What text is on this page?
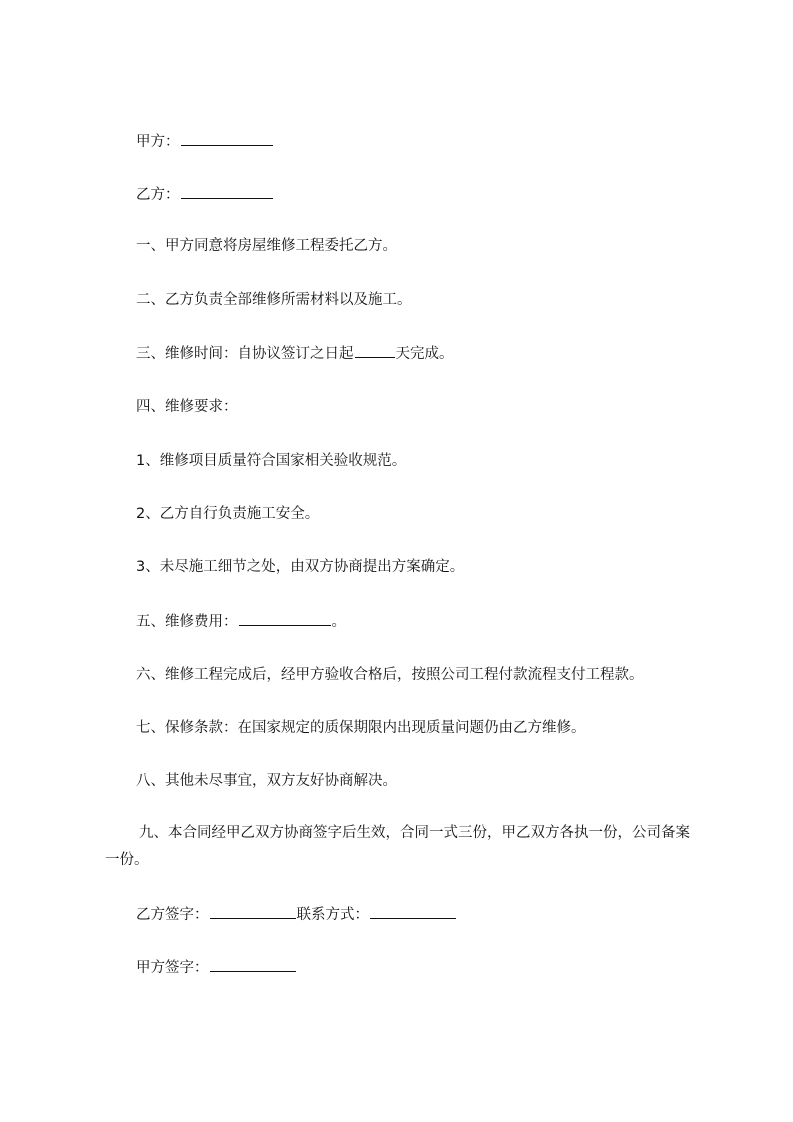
甲方：
乙方：
一、甲方同意将房屋维修工程委托乙方。
二、乙方负责全部维修所需材料以及施工。
三、维修时间：自协议签订之日起	天完成。
四、维修要求：
1、维修项目质量符合国家相关验收规范。
2、乙方自行负责施工安全。
3、未尽施工细节之处，由双方协商提出方案确定。
五、维修费用：	。
六、维修工程完成后，经甲方验收合格后，按照公司工程付款流程支付工程款。
七、保修条款：在国家规定的质保期限内出现质量问题仍由乙方维修。
八、其他未尽事宜，双方友好协商解决。
九、本合同经甲乙双方协商签字后生效，合同一式三份，甲乙双方各执一份，公司备案一份。
乙方签字：	联系方式：
甲方签字：
